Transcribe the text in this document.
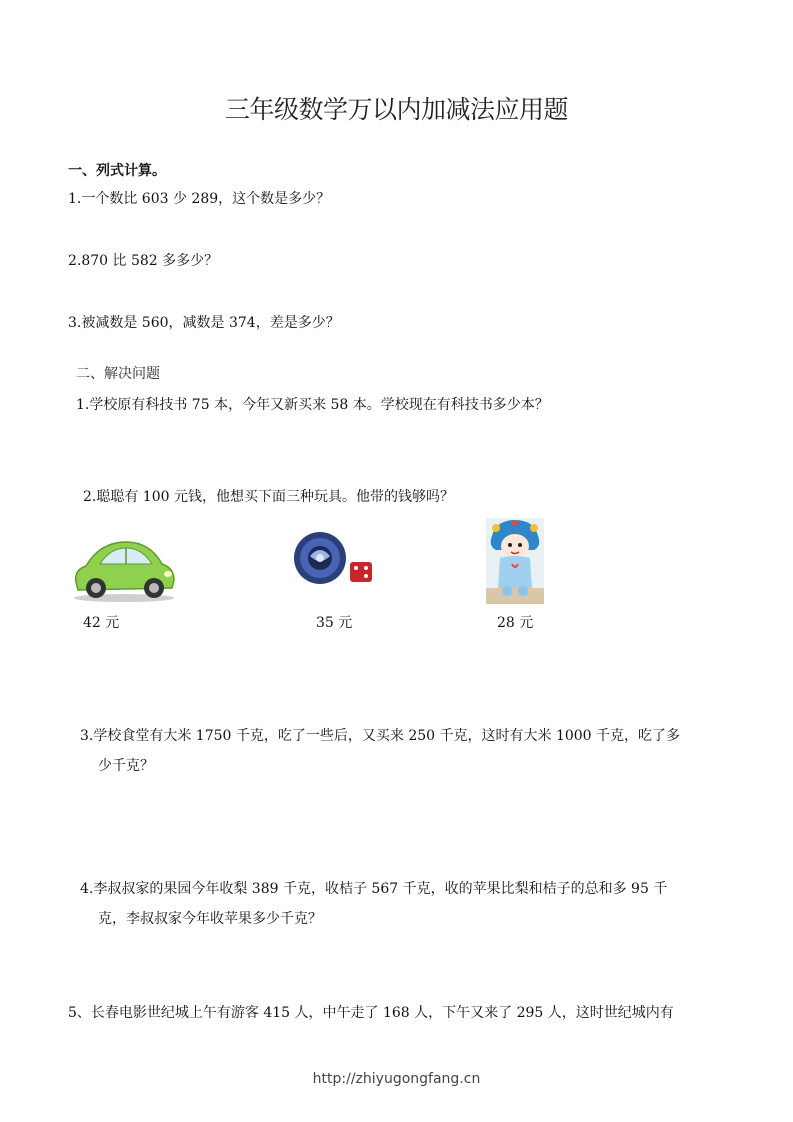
三年级数学万以内加减法应用题
一、列式计算。
1.一个数比 603 少 289，这个数是多少？
2.870 比 582 多多少？
3.被减数是 560，减数是 374，差是多少？
二、解决问题
1.学校原有科技书 75 本，今年又新买来 58 本。学校现在有科技书多少本？
2.聪聪有 100 元钱，他想买下面三种玩具。他带的钱够吗？
42 元	35 元	28 元
3.学校食堂有大米 1750 千克，吃了一些后，又买来 250 千克，这时有大米 1000 千克，吃了多
少千克？
4.李叔叔家的果园今年收梨 389 千克，收桔子 567 千克，收的苹果比梨和桔子的总和多 95 千
克，李叔叔家今年收苹果多少千克？
5、长春电影世纪城上午有游客 415 人，中午走了 168 人，下午又来了 295 人，这时世纪城内有
http://zhiyugongfang.cn
